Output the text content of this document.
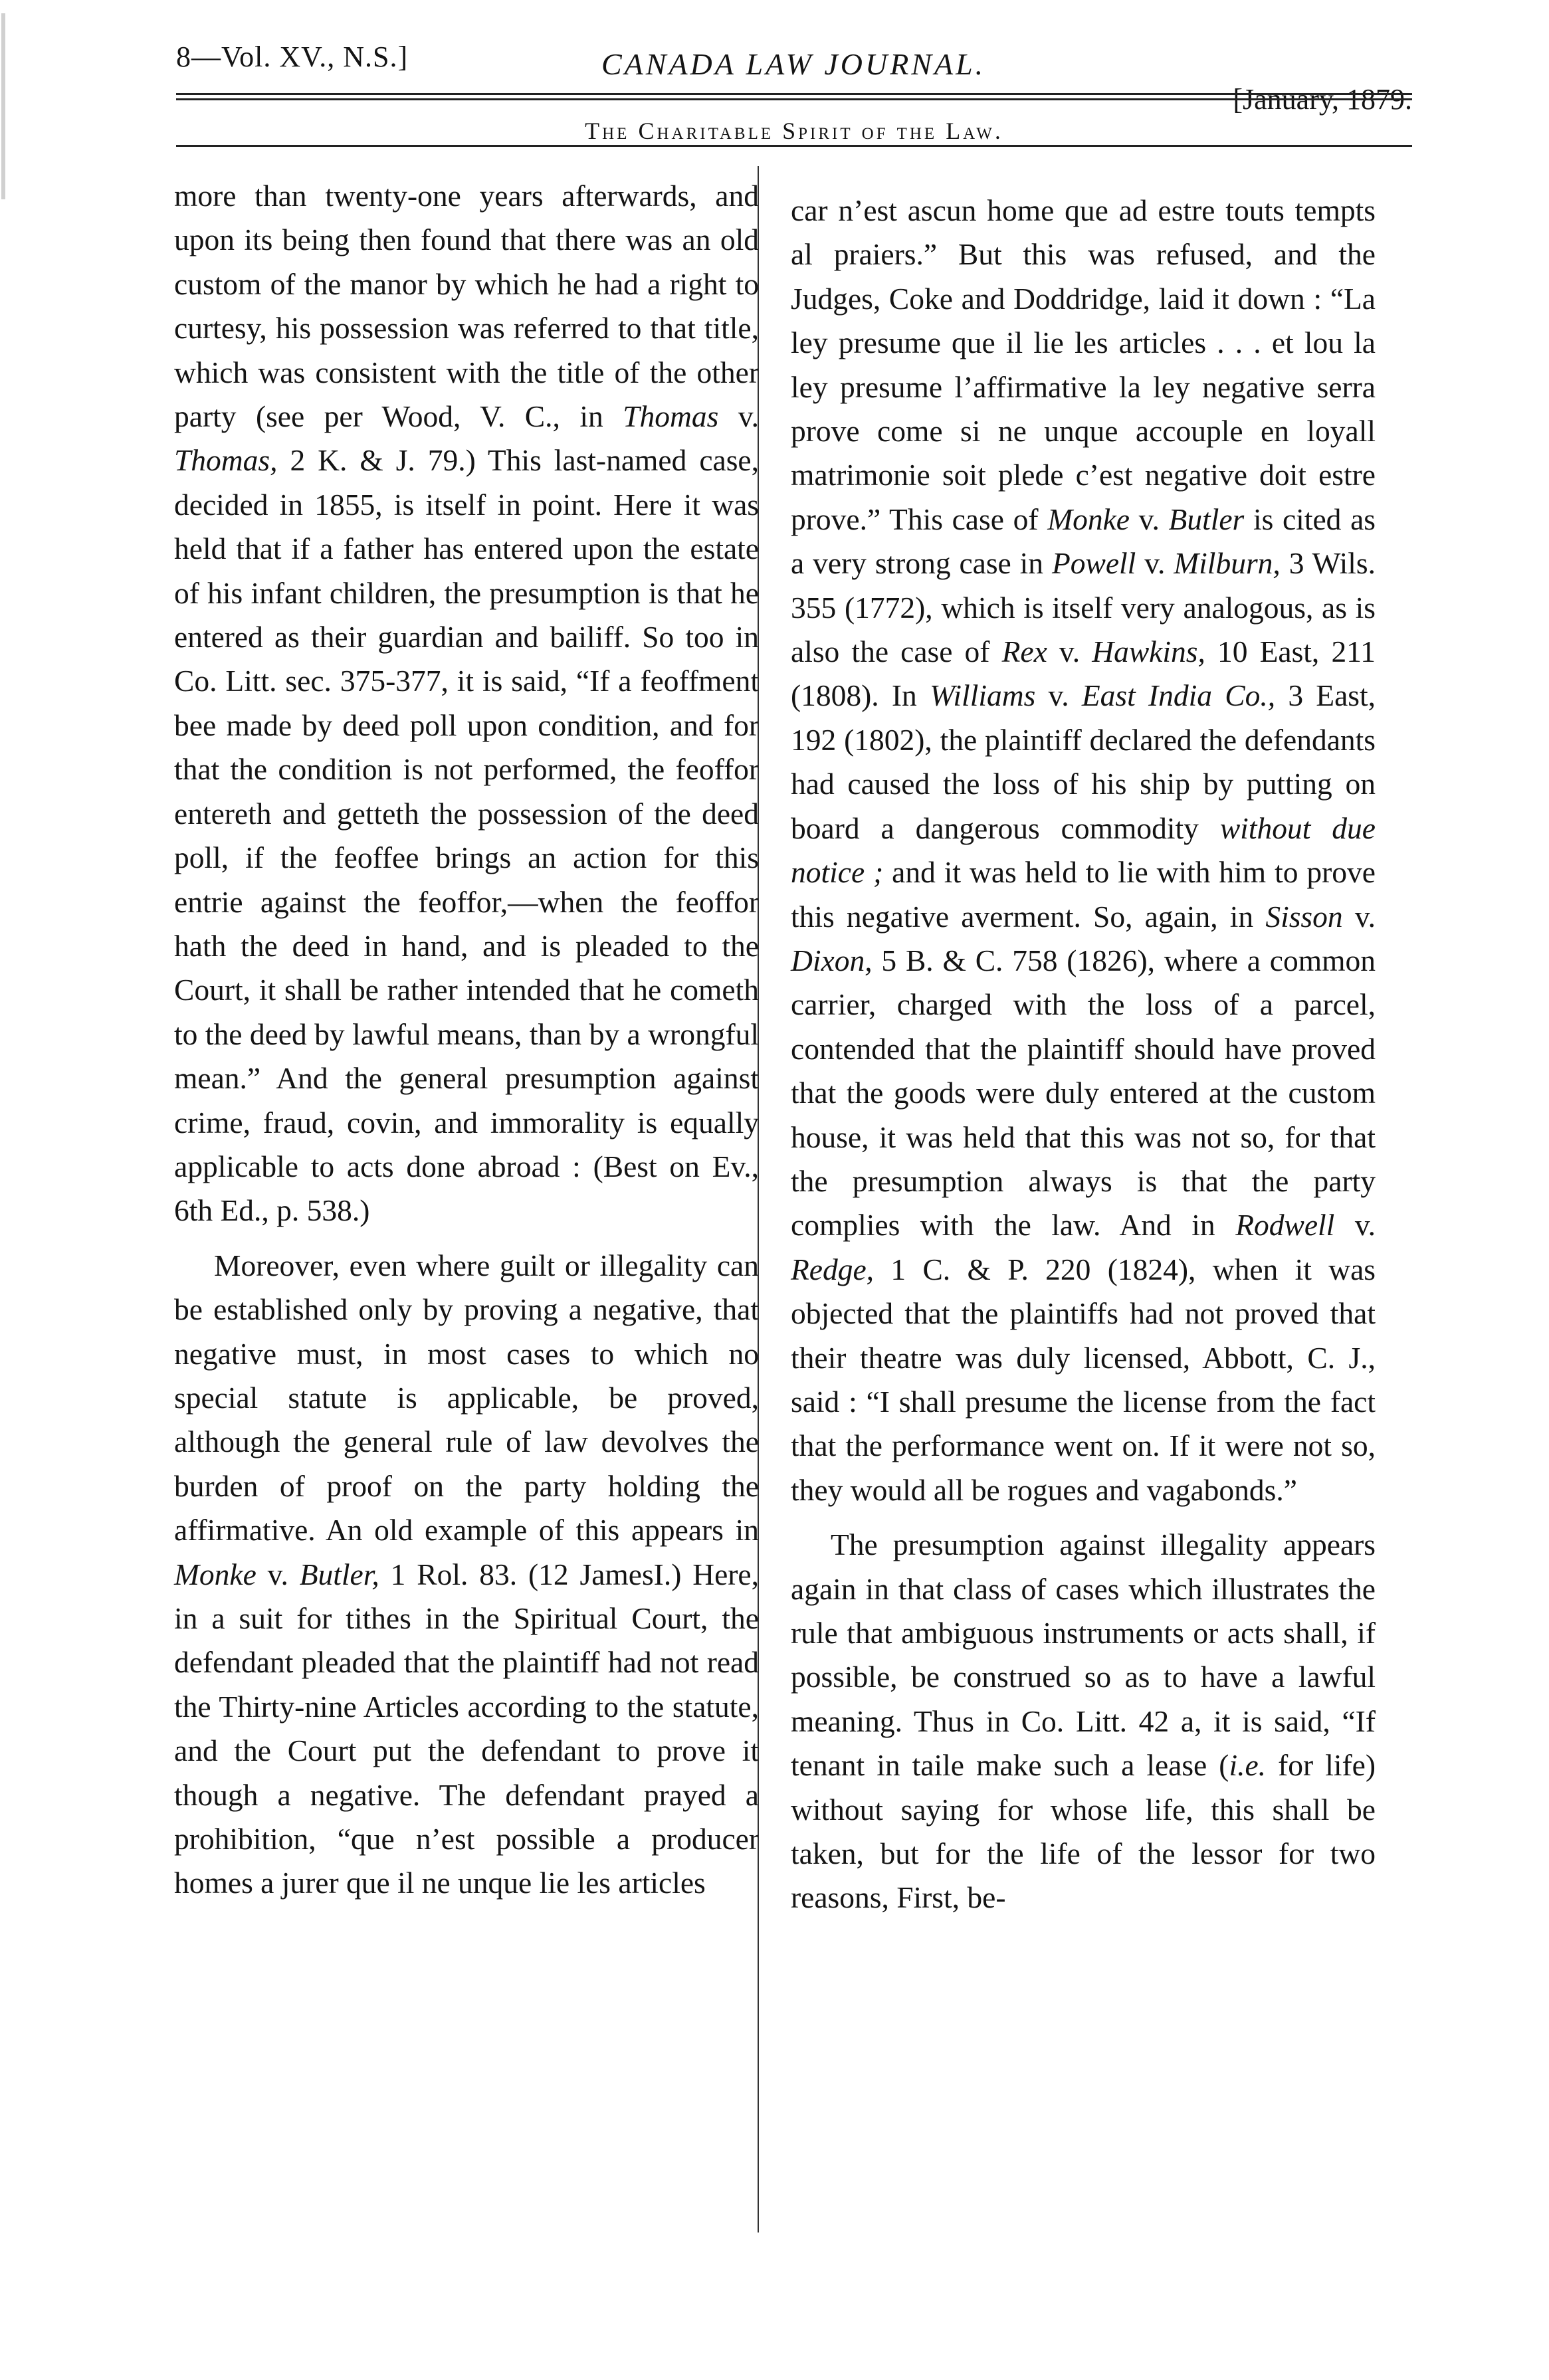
8—Vol. XV., N.S.]	CANADA LAW JOURNAL.
[January, 1879.
The Charitable Spirit of the Law.

more than twenty-one years afterwards, and upon its being then found that there was an old custom of the manor by which he had a right to curtesy, his possession was referred to that title, which was consistent with the title of the other party (see per Wood, V. C., in Thomas v. Thomas, 2 K. & J. 79.) This last-named case, decided in 1855, is itself in point. Here it was held that if a father has entered upon the estate of his infant children, the presumption is that he entered as their guardian and bailiff. So too in Co. Litt. sec. 375-377, it is said, “If a feoffment bee made by deed poll upon condition, and for that the condition is not performed, the feoffor entereth and getteth the possession of the deed poll, if the feoffee brings an action for this entrie against the feoffor,—when the feoffor hath the deed in hand, and is pleaded to the Court, it shall be rather intended that he cometh to the deed by lawful means, than by a wrongful mean.” And the general presumption against crime, fraud, covin, and immorality is equally applicable to acts done abroad : (Best on Ev., 6th Ed., p. 538.)

Moreover, even where guilt or illegality can be established only by proving a negative, that negative must, in most cases to which no special statute is applicable, be proved, although the general rule of law devolves the burden of proof on the party holding the affirmative. An old example of this appears in Monke v. Butler, 1 Rol. 83. (12 JamesI.) Here, in a suit for tithes in the Spiritual Court, the defendant pleaded that the plaintiff had not read the Thirty-nine Articles according to the statute, and the Court put the defendant to prove it though a negative. The defendant prayed a prohibition, “que n’est possible a producer homes a jurer que il ne unque lie les articles

car n’est ascun home que ad estre touts tempts al praiers.” But this was refused, and the Judges, Coke and Doddridge, laid it down : “La ley presume que il lie les articles . . . et lou la ley presume l’affirmative la ley negative serra prove come si ne unque accouple en loyall matrimonie soit plede c’est negative doit estre prove.” This case of Monke v. Butler is cited as a very strong case in Powell v. Milburn, 3 Wils. 355 (1772), which is itself very analogous, as is also the case of Rex v. Hawkins, 10 East, 211 (1808). In Williams v. East India Co., 3 East, 192 (1802), the plaintiff declared the defendants had caused the loss of his ship by putting on board a dangerous commodity without due notice ; and it was held to lie with him to prove this negative averment. So, again, in Sisson v. Dixon, 5 B. & C. 758 (1826), where a common carrier, charged with the loss of a parcel, contended that the plaintiff should have proved that the goods were duly entered at the custom house, it was held that this was not so, for that the presumption always is that the party complies with the law. And in Rodwell v. Redge, 1 C. & P. 220 (1824), when it was objected that the plaintiffs had not proved that their theatre was duly licensed, Abbott, C. J., said : “I shall presume the license from the fact that the performance went on. If it were not so, they would all be rogues and vagabonds.”

The presumption against illegality appears again in that class of cases which illustrates the rule that ambiguous instruments or acts shall, if possible, be construed so as to have a lawful meaning. Thus in Co. Litt. 42 a, it is said, “If tenant in taile make such a lease (i.e. for life) without saying for whose life, this shall be taken, but for the life of the lessor for two reasons, First, be-
